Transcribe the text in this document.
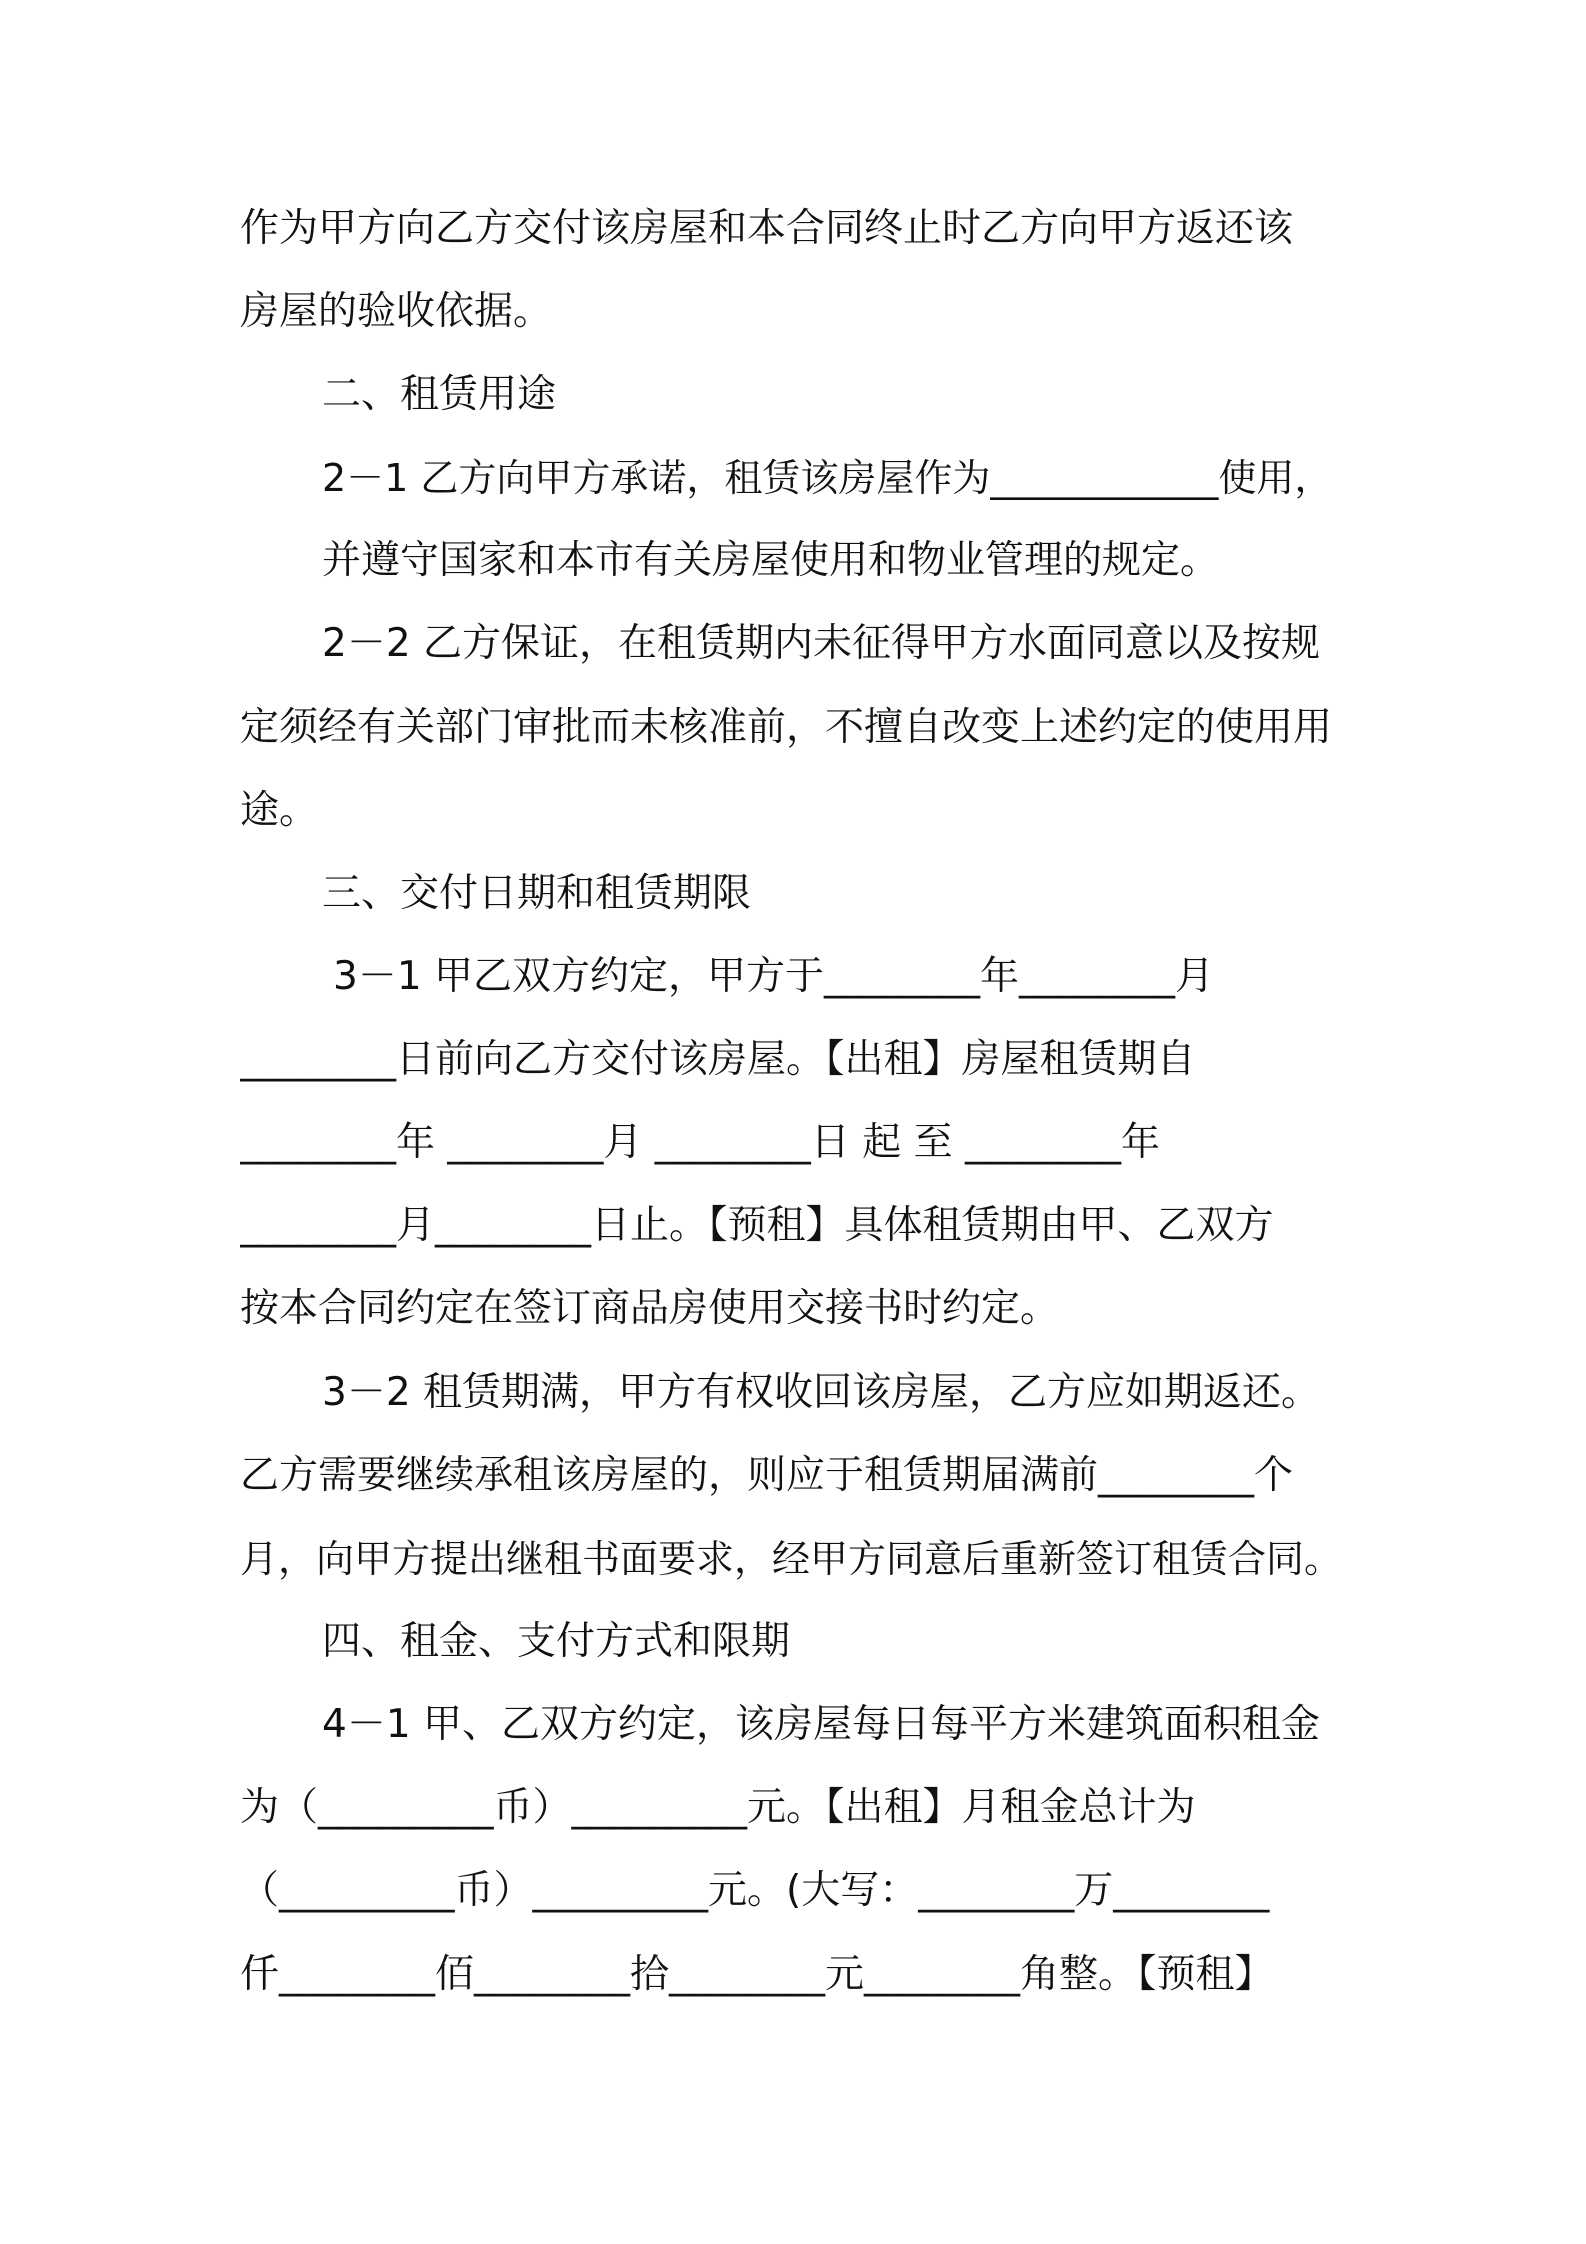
作为甲方向乙方交付该房屋和本合同终止时乙方向甲方返还该
房屋的验收依据。
二、租赁用途
2－1 乙方向甲方承诺，租赁该房屋作为____________使用，
并遵守国家和本市有关房屋使用和物业管理的规定。
2－2 乙方保证，在租赁期内未征得甲方水面同意以及按规
定须经有关部门审批而未核准前，不擅自改变上述约定的使用用
途。
三、交付日期和租赁期限
3－1 甲乙双方约定，甲方于________年________月
________日前向乙方交付该房屋。【出租】房屋租赁期自
________年 ________月 ________日 起 至 ________年
________月________日止。【预租】具体租赁期由甲、乙双方
按本合同约定在签订商品房使用交接书时约定。
3－2 租赁期满，甲方有权收回该房屋，乙方应如期返还。
乙方需要继续承租该房屋的，则应于租赁期届满前________个
月，向甲方提出继租书面要求，经甲方同意后重新签订租赁合同。
四、租金、支付方式和限期
4－1 甲、乙双方约定，该房屋每日每平方米建筑面积租金
为（_________币）_________元。【出租】月租金总计为
（_________币）_________元。(大写：________万________
仟________佰________拾________元________角整。【预租】
